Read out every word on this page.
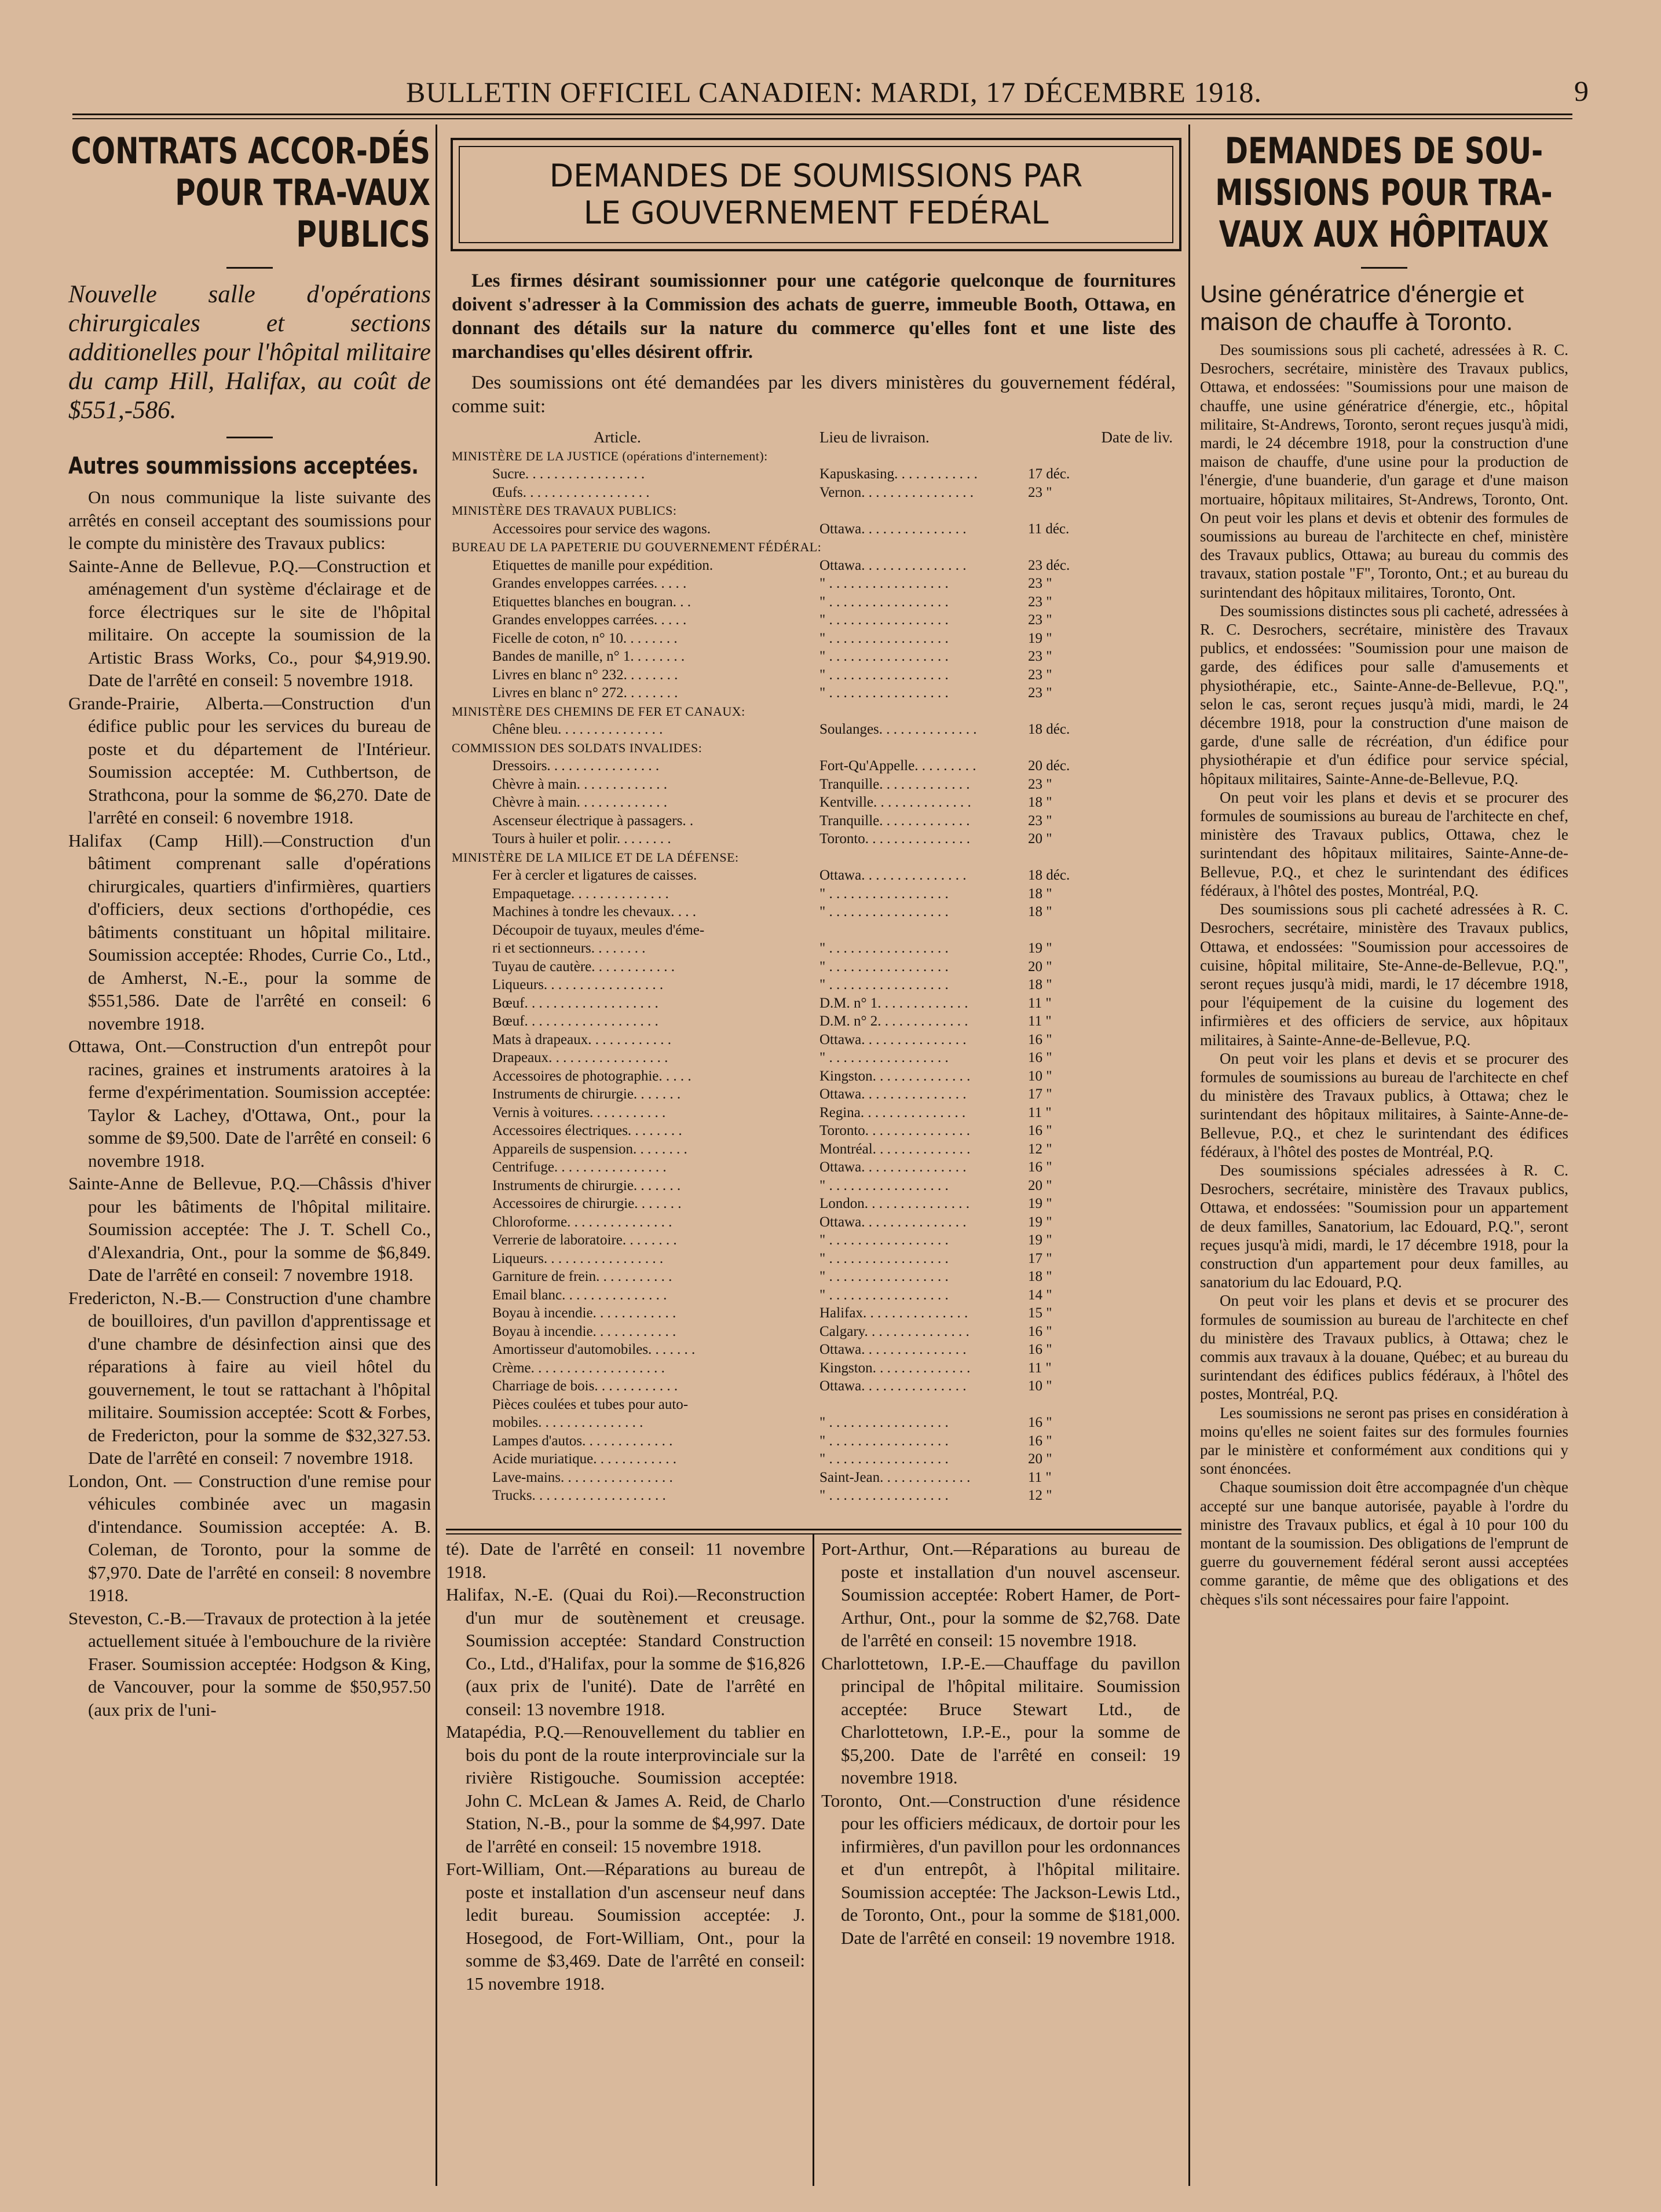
BULLETIN OFFICIEL CANADIEN: MARDI, 17 DÉCEMBRE 1918.	9
CONTRATS ACCOR-DÉS POUR TRA-VAUX PUBLICS

Nouvelle salle d'opérations chirurgicales et sections additionelles pour l'hôpital militaire du camp Hill, Halifax, au coût de $551,-586.

Autres soummissions acceptées.

On nous communique la liste suivante des arrêtés en conseil acceptant des soumissions pour le compte du ministère des Travaux publics:

Sainte-Anne de Bellevue, P.Q.—Construction et aménagement d'un système d'éclairage et de force électriques sur le site de l'hôpital militaire. On accepte la soumission de la Artistic Brass Works, Co., pour $4,919.90. Date de l'arrêté en conseil: 5 novembre 1918.

Grande-Prairie, Alberta.—Construction d'un édifice public pour les services du bureau de poste et du département de l'Intérieur. Soumission acceptée: M. Cuthbertson, de Strathcona, pour la somme de $6,270. Date de l'arrêté en conseil: 6 novembre 1918.

Halifax (Camp Hill).—Construction d'un bâtiment comprenant salle d'opérations chirurgicales, quartiers d'infirmières, quartiers d'officiers, deux sections d'orthopédie, ces bâtiments constituant un hôpital militaire. Soumission acceptée: Rhodes, Currie Co., Ltd., de Amherst, N.-E., pour la somme de $551,586. Date de l'arrêté en conseil: 6 novembre 1918.

Ottawa, Ont.—Construction d'un entrepôt pour racines, graines et instruments aratoires à la ferme d'expérimentation. Soumission acceptée: Taylor & Lachey, d'Ottawa, Ont., pour la somme de $9,500. Date de l'arrêté en conseil: 6 novembre 1918.

Sainte-Anne de Bellevue, P.Q.—Châssis d'hiver pour les bâtiments de l'hôpital militaire. Soumission acceptée: The J. T. Schell Co., d'Alexandria, Ont., pour la somme de $6,849. Date de l'arrêté en conseil: 7 novembre 1918.

Fredericton, N.-B.— Construction d'une chambre de bouilloires, d'un pavillon d'apprentissage et d'une chambre de désinfection ainsi que des réparations à faire au vieil hôtel du gouvernement, le tout se rattachant à l'hôpital militaire. Soumission acceptée: Scott & Forbes, de Fredericton, pour la somme de $32,327.53. Date de l'arrêté en conseil: 7 novembre 1918.

London, Ont. — Construction d'une remise pour véhicules combinée avec un magasin d'intendance. Soumission acceptée: A. B. Coleman, de Toronto, pour la somme de $7,970. Date de l'arrêté en conseil: 8 novembre 1918.

Steveston, C.-B.—Travaux de protection à la jetée actuellement située à l'embouchure de la rivière Fraser. Soumission acceptée: Hodgson & King, de Vancouver, pour la somme de $50,957.50 (aux prix de l'uni-

DEMANDES DE SOUMISSIONS PAR
LE GOUVERNEMENT FEDÉRAL

Les firmes désirant soumissionner pour une catégorie quelconque de fournitures doivent s'adresser à la Commission des achats de guerre, immeuble Booth, Ottawa, en donnant des détails sur la nature du commerce qu'elles font et une liste des marchandises qu'elles désirent offrir.

Des soumissions ont été demandées par les divers ministères du gouvernement fédéral, comme suit:

Article.	Lieu de livraison.	Date de liv.
MINISTÈRE DE LA JUSTICE (opérations d'internement):
Sucre. . . . . . . . . . . . . . . . .	Kapuskasing. . . . . . . . . . . .	17 déc.
Œufs. . . . . . . . . . . . . . . . . .	Vernon. . . . . . . . . . . . . . . .	23 "
MINISTÈRE DES TRAVAUX PUBLICS:
Accessoires pour service des wagons.	Ottawa. . . . . . . . . . . . . . .	11 déc.
BUREAU DE LA PAPETERIE DU GOUVERNEMENT FÉDÉRAL:
Etiquettes de manille pour expédition.	Ottawa. . . . . . . . . . . . . . .	23 déc.
Grandes enveloppes carrées. . . . .	" . . . . . . . . . . . . . . . . .	23 "
Etiquettes blanches en bougran. . .	" . . . . . . . . . . . . . . . . .	23 "
Grandes enveloppes carrées. . . . .	" . . . . . . . . . . . . . . . . .	23 "
Ficelle de coton, n° 10. . . . . . . .	" . . . . . . . . . . . . . . . . .	19 "
Bandes de manille, n° 1. . . . . . . .	" . . . . . . . . . . . . . . . . .	23 "
Livres en blanc n° 232. . . . . . . .	" . . . . . . . . . . . . . . . . .	23 "
Livres en blanc n° 272. . . . . . . .	" . . . . . . . . . . . . . . . . .	23 "
MINISTÈRE DES CHEMINS DE FER ET CANAUX:
Chêne bleu. . . . . . . . . . . . . . .	Soulanges. . . . . . . . . . . . . .	18 déc.
COMMISSION DES SOLDATS INVALIDES:
Dressoirs. . . . . . . . . . . . . . . .	Fort-Qu'Appelle. . . . . . . . .	20 déc.
Chèvre à main. . . . . . . . . . . . .	Tranquille. . . . . . . . . . . . .	23 "
Chèvre à main. . . . . . . . . . . . .	Kentville. . . . . . . . . . . . . .	18 "
Ascenseur électrique à passagers. .	Tranquille. . . . . . . . . . . . .	23 "
Tours à huiler et polir. . . . . . . .	Toronto. . . . . . . . . . . . . . .	20 "
MINISTÈRE DE LA MILICE ET DE LA DÉFENSE:
Fer à cercler et ligatures de caisses.	Ottawa. . . . . . . . . . . . . . .	18 déc.
Empaquetage. . . . . . . . . . . . . .	" . . . . . . . . . . . . . . . . .	18 "
Machines à tondre les chevaux. . . .	" . . . . . . . . . . . . . . . . .	18 "
Découpoir de tuyaux, meules d'éme-
ri et sectionneurs. . . . . . . .	" . . . . . . . . . . . . . . . . .	19 "
Tuyau de cautère. . . . . . . . . . . .	" . . . . . . . . . . . . . . . . .	20 "
Liqueurs. . . . . . . . . . . . . . . . .	" . . . . . . . . . . . . . . . . .	18 "
Bœuf. . . . . . . . . . . . . . . . . . .	D.M. n° 1. . . . . . . . . . . . .	11 "
Bœuf. . . . . . . . . . . . . . . . . . .	D.M. n° 2. . . . . . . . . . . . .	11 "
Mats à drapeaux. . . . . . . . . . . .	Ottawa. . . . . . . . . . . . . . .	16 "
Drapeaux. . . . . . . . . . . . . . . . .	" . . . . . . . . . . . . . . . . .	16 "
Accessoires de photographie. . . . .	Kingston. . . . . . . . . . . . . .	10 "
Instruments de chirurgie. . . . . . .	Ottawa. . . . . . . . . . . . . . .	17 "
Vernis à voitures. . . . . . . . . . .	Regina. . . . . . . . . . . . . . .	11 "
Accessoires électriques. . . . . . . .	Toronto. . . . . . . . . . . . . . .	16 "
Appareils de suspension. . . . . . . .	Montréal. . . . . . . . . . . . . .	12 "
Centrifuge. . . . . . . . . . . . . . . .	Ottawa. . . . . . . . . . . . . . .	16 "
Instruments de chirurgie. . . . . . .	" . . . . . . . . . . . . . . . . .	20 "
Accessoires de chirurgie. . . . . . .	London. . . . . . . . . . . . . . .	19 "
Chloroforme. . . . . . . . . . . . . . .	Ottawa. . . . . . . . . . . . . . .	19 "
Verrerie de laboratoire. . . . . . . .	" . . . . . . . . . . . . . . . . .	19 "
Liqueurs. . . . . . . . . . . . . . . . .	" . . . . . . . . . . . . . . . . .	17 "
Garniture de frein. . . . . . . . . . .	" . . . . . . . . . . . . . . . . .	18 "
Email blanc. . . . . . . . . . . . . . .	" . . . . . . . . . . . . . . . . .	14 "
Boyau à incendie. . . . . . . . . . . .	Halifax. . . . . . . . . . . . . . .	15 "
Boyau à incendie. . . . . . . . . . . .	Calgary. . . . . . . . . . . . . . .	16 "
Amortisseur d'automobiles. . . . . . .	Ottawa. . . . . . . . . . . . . . .	16 "
Crème. . . . . . . . . . . . . . . . . . .	Kingston. . . . . . . . . . . . . .	11 "
Charriage de bois. . . . . . . . . . . .	Ottawa. . . . . . . . . . . . . . .	10 "
Pièces coulées et tubes pour auto-
mobiles. . . . . . . . . . . . . . .	" . . . . . . . . . . . . . . . . .	16 "
Lampes d'autos. . . . . . . . . . . . .	" . . . . . . . . . . . . . . . . .	16 "
Acide muriatique. . . . . . . . . . . .	" . . . . . . . . . . . . . . . . .	20 "
Lave-mains. . . . . . . . . . . . . . . .	Saint-Jean. . . . . . . . . . . . .	11 "
Trucks. . . . . . . . . . . . . . . . . . .	" . . . . . . . . . . . . . . . . .	12 "

té). Date de l'arrêté en conseil: 11 novembre 1918.

Halifax, N.-E. (Quai du Roi).—Reconstruction d'un mur de soutènement et creusage. Soumission acceptée: Standard Construction Co., Ltd., d'Halifax, pour la somme de $16,826 (aux prix de l'unité). Date de l'arrêté en conseil: 13 novembre 1918.

Matapédia, P.Q.—Renouvellement du tablier en bois du pont de la route interprovinciale sur la rivière Ristigouche. Soumission acceptée: John C. McLean & James A. Reid, de Charlo Station, N.-B., pour la somme de $4,997. Date de l'arrêté en conseil: 15 novembre 1918.

Fort-William, Ont.—Réparations au bureau de poste et installation d'un ascenseur neuf dans ledit bureau. Soumission acceptée: J. Hosegood, de Fort-William, Ont., pour la somme de $3,469. Date de l'arrêté en conseil: 15 novembre 1918.

Port-Arthur, Ont.—Réparations au bureau de poste et installation d'un nouvel ascenseur. Soumission acceptée: Robert Hamer, de Port-Arthur, Ont., pour la somme de $2,768. Date de l'arrêté en conseil: 15 novembre 1918.

Charlottetown, I.P.-E.—Chauffage du pavillon principal de l'hôpital militaire. Soumission acceptée: Bruce Stewart Ltd., de Charlottetown, I.P.-E., pour la somme de $5,200. Date de l'arrêté en conseil: 19 novembre 1918.

Toronto, Ont.—Construction d'une résidence pour les officiers médicaux, de dortoir pour les infirmières, d'un pavillon pour les ordonnances et d'un entrepôt, à l'hôpital militaire. Soumission acceptée: The Jackson-Lewis Ltd., de Toronto, Ont., pour la somme de $181,000. Date de l'arrêté en conseil: 19 novembre 1918.

DEMANDES DE SOU-MISSIONS POUR TRA-VAUX AUX HÔPITAUX

Usine génératrice d'énergie et maison de chauffe à Toronto.

Des soumissions sous pli cacheté, adressées à R. C. Desrochers, secrétaire, ministère des Travaux publics, Ottawa, et endossées: "Soumissions pour une maison de chauffe, une usine génératrice d'énergie, etc., hôpital militaire, St-Andrews, Toronto, seront reçues jusqu'à midi, mardi, le 24 décembre 1918, pour la construction d'une maison de chauffe, d'une usine pour la production de l'énergie, d'une buanderie, d'un garage et d'une maison mortuaire, hôpitaux militaires, St-Andrews, Toronto, Ont. On peut voir les plans et devis et obtenir des formules de soumissions au bureau de l'architecte en chef, ministère des Travaux publics, Ottawa; au bureau du commis des travaux, station postale "F", Toronto, Ont.; et au bureau du surintendant des hôpitaux militaires, Toronto, Ont.

Des soumissions distinctes sous pli cacheté, adressées à R. C. Desrochers, secrétaire, ministère des Travaux publics, et endossées: "Soumission pour une maison de garde, des édifices pour salle d'amusements et physiothérapie, etc., Sainte-Anne-de-Bellevue, P.Q.", selon le cas, seront reçues jusqu'à midi, mardi, le 24 décembre 1918, pour la construction d'une maison de garde, d'une salle de récréation, d'un édifice pour physiothérapie et d'un édifice pour service spécial, hôpitaux militaires, Sainte-Anne-de-Bellevue, P.Q.

On peut voir les plans et devis et se procurer des formules de soumissions au bureau de l'architecte en chef, ministère des Travaux publics, Ottawa, chez le surintendant des hôpitaux militaires, Sainte-Anne-de-Bellevue, P.Q., et chez le surintendant des édifices fédéraux, à l'hôtel des postes, Montréal, P.Q.

Des soumissions sous pli cacheté adressées à R. C. Desrochers, secrétaire, ministère des Travaux publics, Ottawa, et endossées: "Soumission pour accessoires de cuisine, hôpital militaire, Ste-Anne-de-Bellevue, P.Q.", seront reçues jusqu'à midi, mardi, le 17 décembre 1918, pour l'équipement de la cuisine du logement des infirmières et des officiers de service, aux hôpitaux militaires, à Sainte-Anne-de-Bellevue, P.Q.

On peut voir les plans et devis et se procurer des formules de soumissions au bureau de l'architecte en chef du ministère des Travaux publics, à Ottawa; chez le surintendant des hôpitaux militaires, à Sainte-Anne-de-Bellevue, P.Q., et chez le surintendant des édifices fédéraux, à l'hôtel des postes de Montréal, P.Q.

Des soumissions spéciales adressées à R. C. Desrochers, secrétaire, ministère des Travaux publics, Ottawa, et endossées: "Soumission pour un appartement de deux familles, Sanatorium, lac Edouard, P.Q.", seront reçues jusqu'à midi, mardi, le 17 décembre 1918, pour la construction d'un appartement pour deux familles, au sanatorium du lac Edouard, P.Q.

On peut voir les plans et devis et se procurer des formules de soumission au bureau de l'architecte en chef du ministère des Travaux publics, à Ottawa; chez le commis aux travaux à la douane, Québec; et au bureau du surintendant des édifices publics fédéraux, à l'hôtel des postes, Montréal, P.Q.

Les soumissions ne seront pas prises en considération à moins qu'elles ne soient faites sur des formules fournies par le ministère et conformément aux conditions qui y sont énoncées.

Chaque soumission doit être accompagnée d'un chèque accepté sur une banque autorisée, payable à l'ordre du ministre des Travaux publics, et égal à 10 pour 100 du montant de la soumission. Des obligations de l'emprunt de guerre du gouvernement fédéral seront aussi acceptées comme garantie, de même que des obligations et des chèques s'ils sont nécessaires pour faire l'appoint.
